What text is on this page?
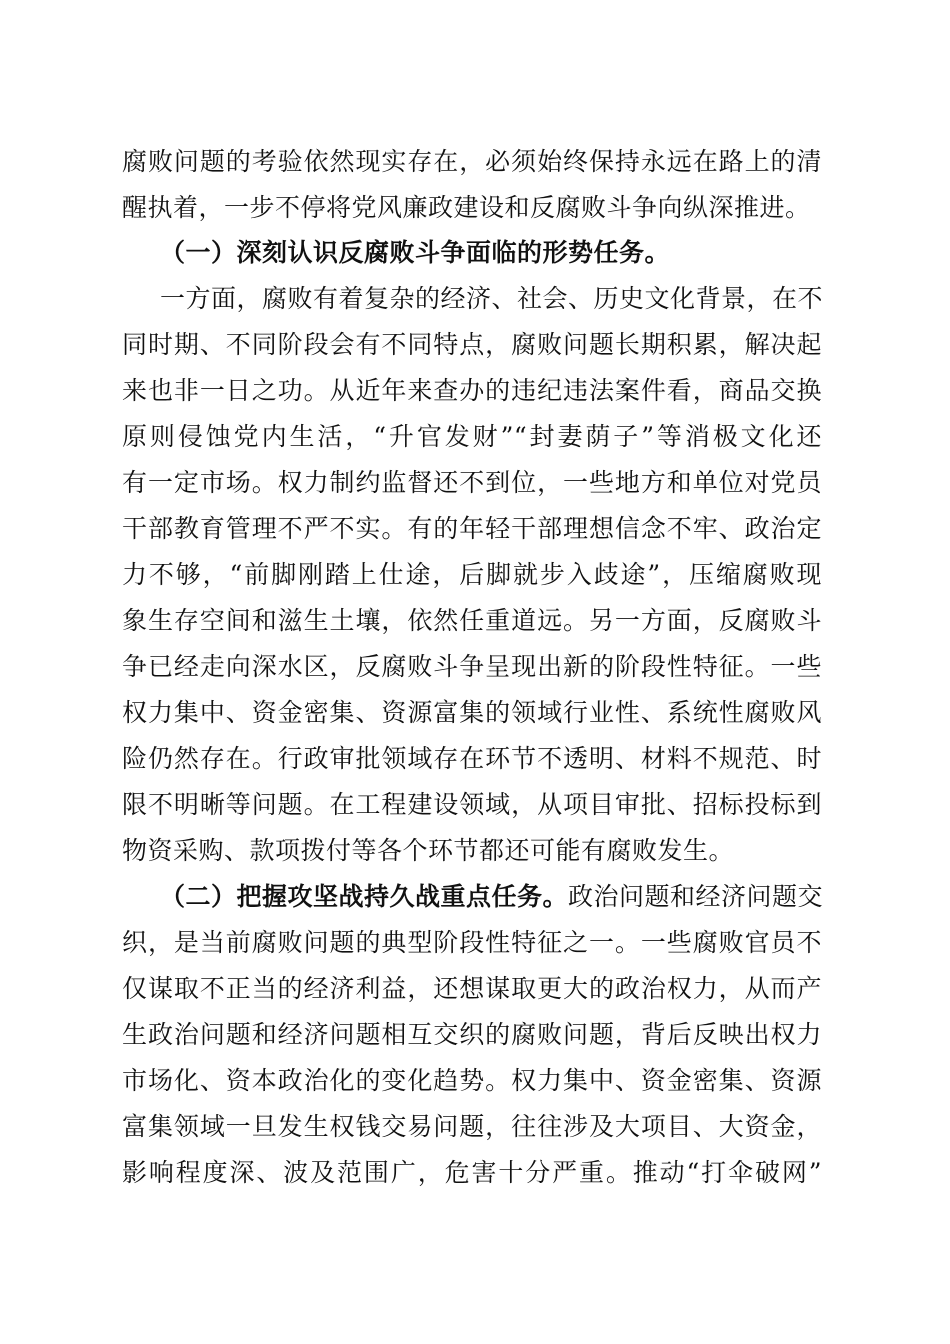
腐败问题的考验依然现实存在，必须始终保持永远在路上的清
醒执着，一步不停将党风廉政建设和反腐败斗争向纵深推进。
（一）深刻认识反腐败斗争面临的形势任务。
一方面，腐败有着复杂的经济、社会、历史文化背景，在不
同时期、不同阶段会有不同特点，腐败问题长期积累，解决起
来也非一日之功。从近年来查办的违纪违法案件看，商品交换
原则侵蚀党内生活，“升官发财”“封妻荫子”等消极文化还
有一定市场。权力制约监督还不到位，一些地方和单位对党员
干部教育管理不严不实。有的年轻干部理想信念不牢、政治定
力不够，“前脚刚踏上仕途，后脚就步入歧途”，压缩腐败现
象生存空间和滋生土壤，依然任重道远。另一方面，反腐败斗
争已经走向深水区，反腐败斗争呈现出新的阶段性特征。一些
权力集中、资金密集、资源富集的领域行业性、系统性腐败风
险仍然存在。行政审批领域存在环节不透明、材料不规范、时
限不明晰等问题。在工程建设领域，从项目审批、招标投标到
物资采购、款项拨付等各个环节都还可能有腐败发生。
（二）把握攻坚战持久战重点任务。 政治问题和经济问题交
织，是当前腐败问题的典型阶段性特征之一。一些腐败官员不
仅谋取不正当的经济利益，还想谋取更大的政治权力，从而产
生政治问题和经济问题相互交织的腐败问题，背后反映出权力
市场化、资本政治化的变化趋势。权力集中、资金密集、资源
富集领域一旦发生权钱交易问题，往往涉及大项目、大资金，
影响程度深、波及范围广，危害十分严重。推动“打伞破网”
